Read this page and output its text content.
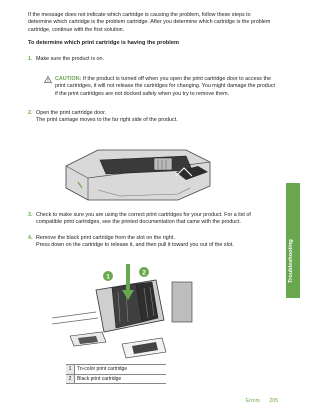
If the message does not indicate which cartridge is causing the problem, follow these steps to determine which cartridge is the problem cartridge. After you determine which cartridge is the problem cartridge, continue with the first solution.

To determine which print cartridge is having the problem

1. Make sure the product is on.
CAUTION: If the product is turned off when you open the print cartridge door to access the print cartridges, it will not release the cartridges for changing. You might damage the product if the print cartridges are not docked safely when you try to remove them.
2. Open the print cartridge door.
The print carriage moves to the far right side of the product.
3. Check to make sure you are using the correct print cartridges for your product. For a list of compatible print cartridges, see the printed documentation that came with the product.
4. Remove the black print cartridge from the slot on the right.
Press down on the cartridge to release it, and then pull it toward you out of the slot.
1
2
1	Tri-color print cartridge
2	Black print cartridge
Troubleshooting
Errors 205
